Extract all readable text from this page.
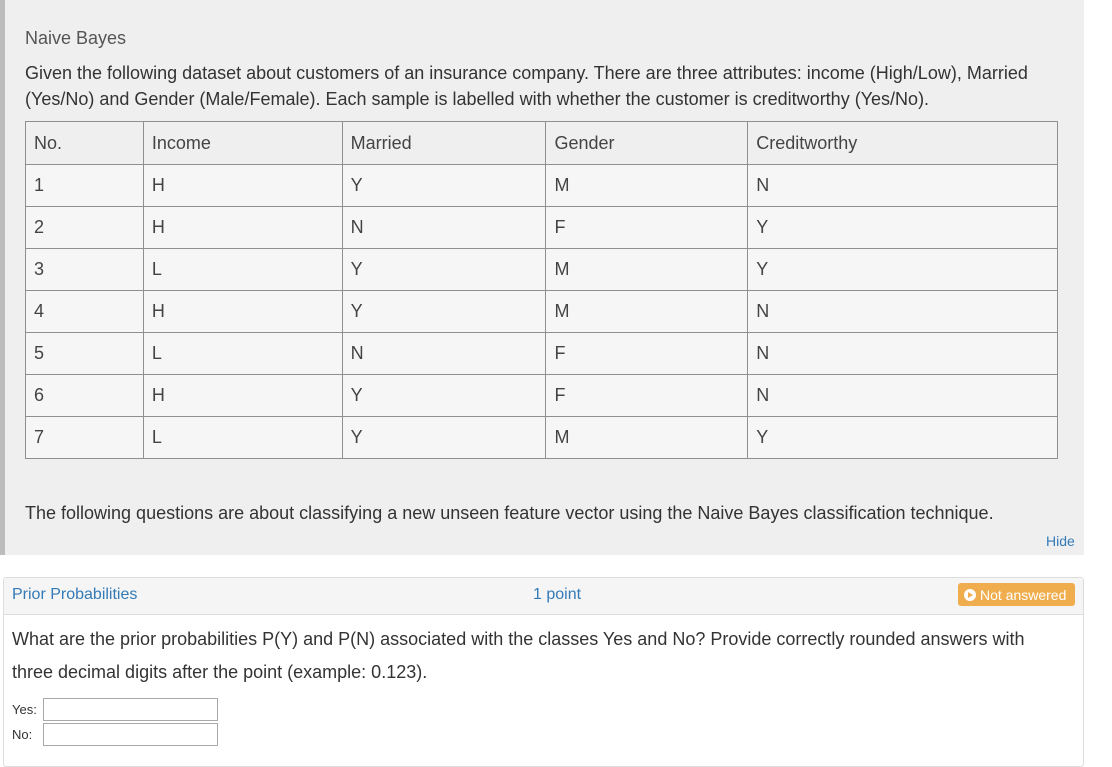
Naive Bayes
Given the following dataset about customers of an insurance company. There are three attributes: income (High/Low), Married (Yes/No) and Gender (Male/Female). Each sample is labelled with whether the customer is creditworthy (Yes/No).
No.	Income	Married	Gender	Creditworthy
1	H	Y	M	N
2	H	N	F	Y
3	L	Y	M	Y
4	H	Y	M	N
5	L	N	F	N
6	H	Y	F	N
7	L	Y	M	Y
The following questions are about classifying a new unseen feature vector using the Naive Bayes classification technique.
Hide
Prior Probabilities	1 point	Not answered
What are the prior probabilities P(Y) and P(N) associated with the classes Yes and No? Provide correctly rounded answers with three decimal digits after the point (example: 0.123).
Yes:
No:
